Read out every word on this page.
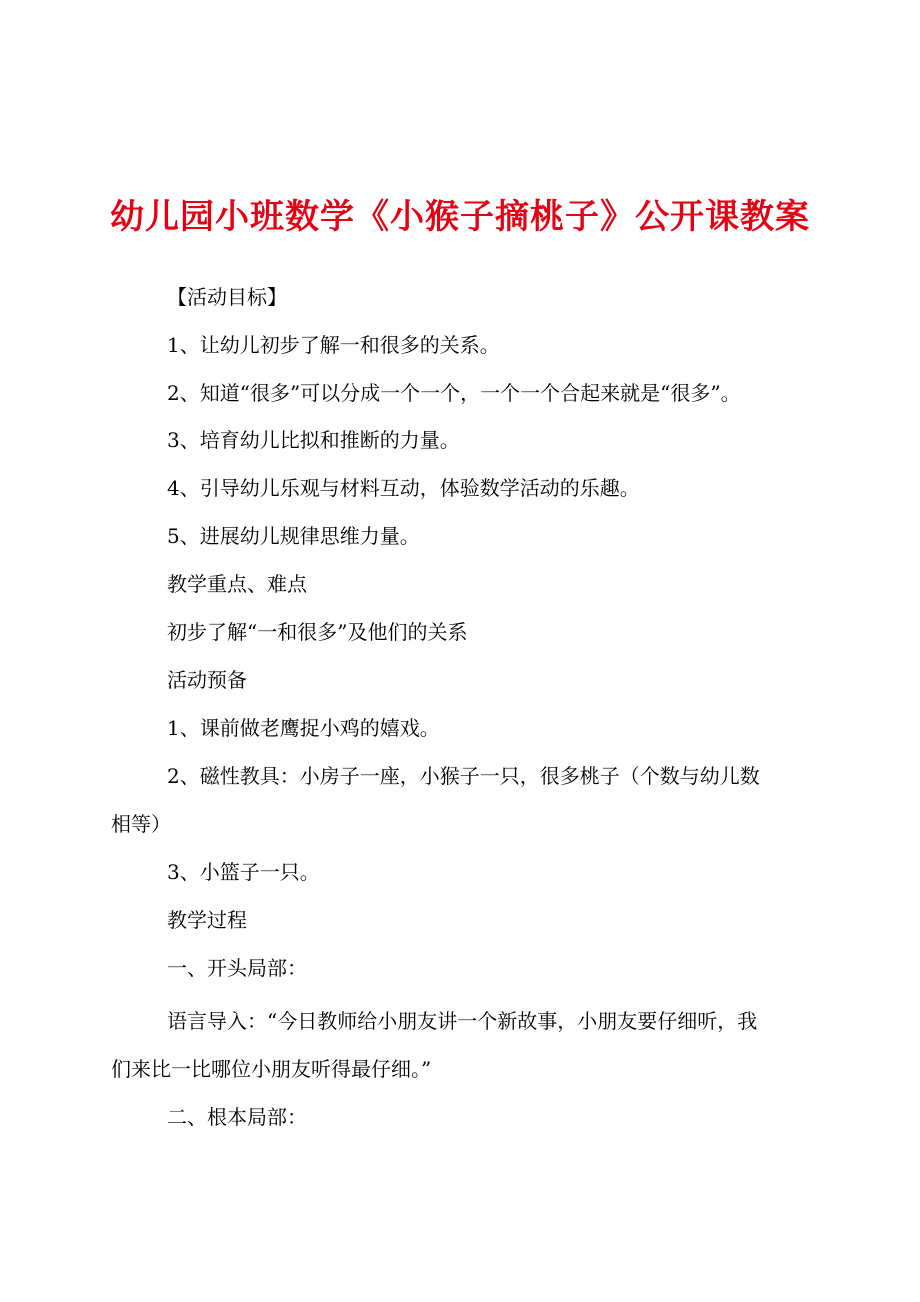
幼儿园小班数学《小猴子摘桃子》公开课教案
【活动目标】
1、让幼儿初步了解一和很多的关系。
2、知道“很多”可以分成一个一个，一个一个合起来就是“很多”。
3、培育幼儿比拟和推断的力量。
4、引导幼儿乐观与材料互动，体验数学活动的乐趣。
5、进展幼儿规律思维力量。
教学重点、难点
初步了解“一和很多”及他们的关系
活动预备
1、课前做老鹰捉小鸡的嬉戏。
2、磁性教具：小房子一座，小猴子一只，很多桃子（个数与幼儿数
相等）
3、小篮子一只。
教学过程
一、开头局部：
语言导入：“今日教师给小朋友讲一个新故事，小朋友要仔细听，我
们来比一比哪位小朋友听得最仔细。”
二、根本局部：
